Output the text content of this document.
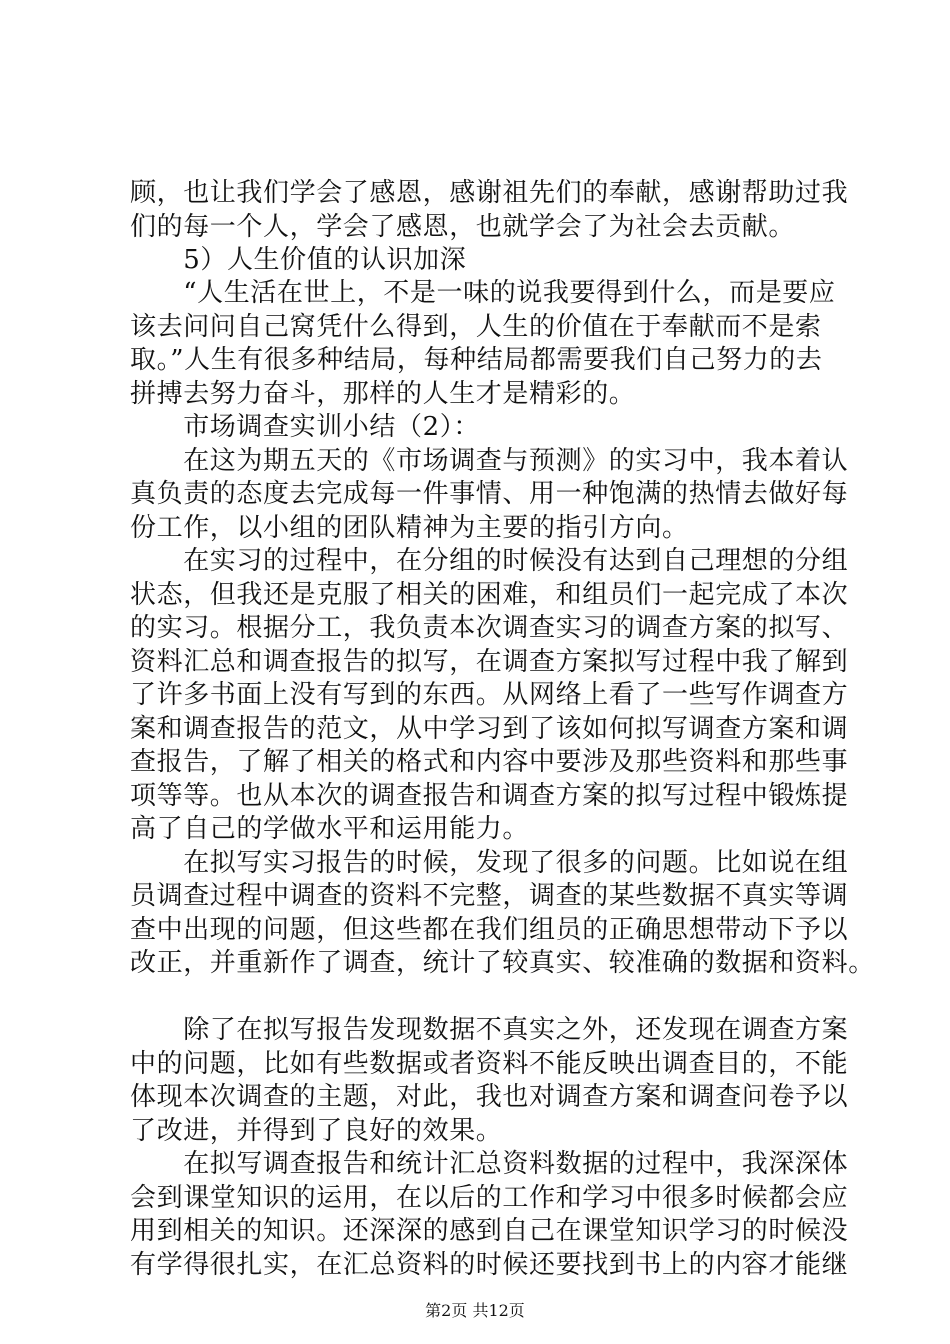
顾，也让我们学会了感恩，感谢祖先们的奉献，感谢帮助过我
们的每一个人，学会了感恩，也就学会了为社会去贡献。
　　5）人生价值的认识加深
　　“人生活在世上，不是一味的说我要得到什么，而是要应
该去问问自己窝凭什么得到，人生的价值在于奉献而不是索
取。”人生有很多种结局，每种结局都需要我们自己努力的去
拼搏去努力奋斗，那样的人生才是精彩的。
　　市场调查实训小结（2）：
　　在这为期五天的《市场调查与预测》的实习中，我本着认
真负责的态度去完成每一件事情、用一种饱满的热情去做好每
份工作，以小组的团队精神为主要的指引方向。
　　在实习的过程中，在分组的时候没有达到自己理想的分组
状态，但我还是克服了相关的困难，和组员们一起完成了本次
的实习。根据分工，我负责本次调查实习的调查方案的拟写、
资料汇总和调查报告的拟写，在调查方案拟写过程中我了解到
了许多书面上没有写到的东西。从网络上看了一些写作调查方
案和调查报告的范文，从中学习到了该如何拟写调查方案和调
查报告，了解了相关的格式和内容中要涉及那些资料和那些事
项等等。也从本次的调查报告和调查方案的拟写过程中锻炼提
高了自己的学做水平和运用能力。
　　在拟写实习报告的时候，发现了很多的问题。比如说在组
员调查过程中调查的资料不完整，调查的某些数据不真实等调
查中出现的问题，但这些都在我们组员的正确思想带动下予以
改正，并重新作了调查，统计了较真实、较准确的数据和资料。
　　除了在拟写报告发现数据不真实之外，还发现在调查方案
中的问题，比如有些数据或者资料不能反映出调查目的，不能
体现本次调查的主题，对此，我也对调查方案和调查问卷予以
了改进，并得到了良好的效果。
　　在拟写调查报告和统计汇总资料数据的过程中，我深深体
会到课堂知识的运用，在以后的工作和学习中很多时候都会应
用到相关的知识。还深深的感到自己在课堂知识学习的时候没
有学得很扎实，在汇总资料的时候还要找到书上的内容才能继
第2页 共12页
